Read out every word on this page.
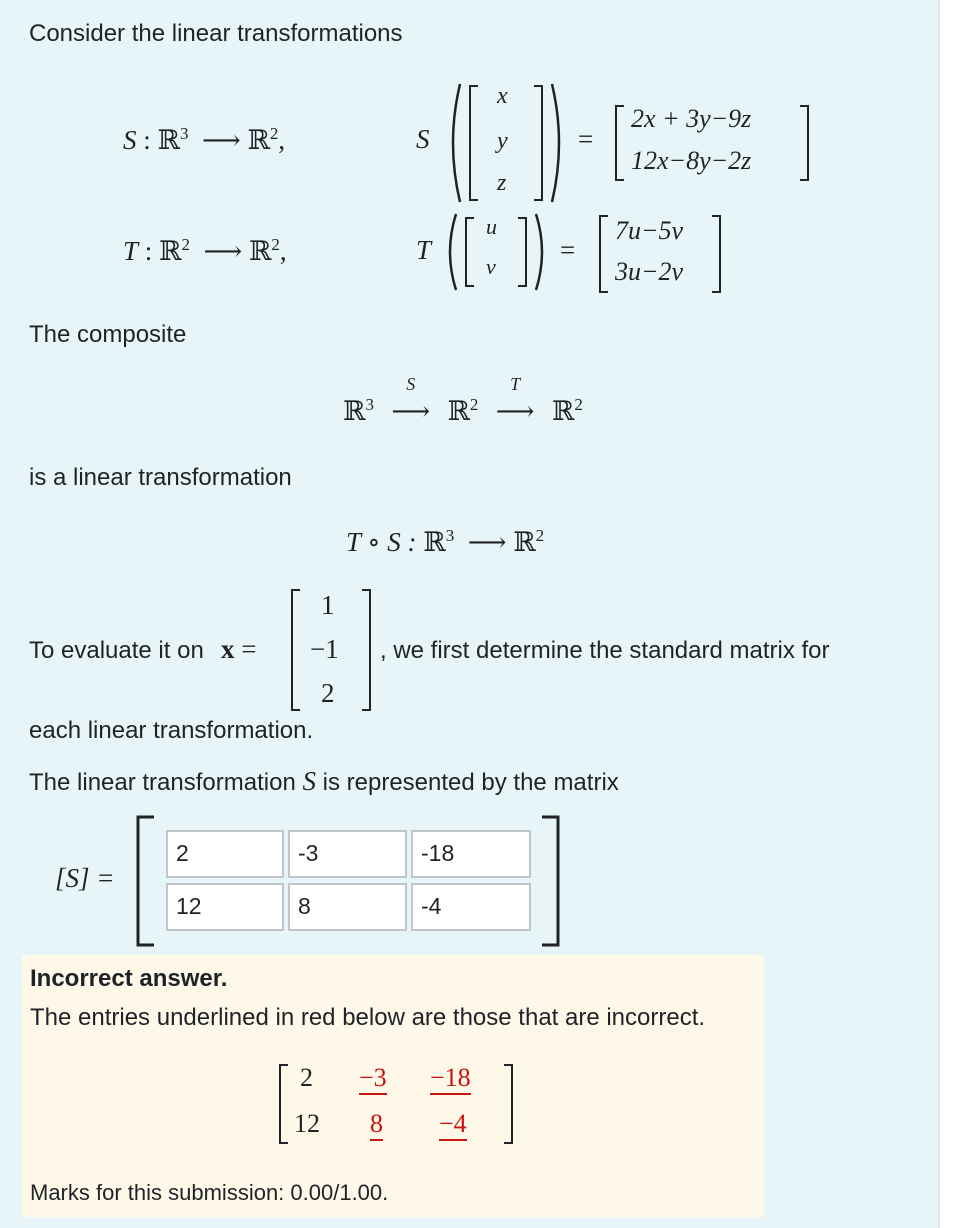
Consider the linear transformations
S : ℝ$^3$  ⟶ ℝ$^2$,	S
x
y
z
=
2x + 3y−9z
12x−8y−2z
T : ℝ$^2$  ⟶ ℝ$^2$,	T
u
v
=
7u−5v
3u−2v
The composite
ℝ$^3$
S
⟶ ℝ$^2$
T
⟶ ℝ$^2$
is a linear transformation
T ∘ S : ℝ$^3$  ⟶ ℝ$^2$
To evaluate it on x =
1
−1
2
, we first determine the standard matrix for
each linear transformation.
The linear transformation S is represented by the matrix
[S] =
2	-3	-18
12	8	-4
Incorrect answer.
The entries underlined in red below are those that are incorrect.
2 −3 −18
12 8 −4
Marks for this submission: 0.00/1.00.
